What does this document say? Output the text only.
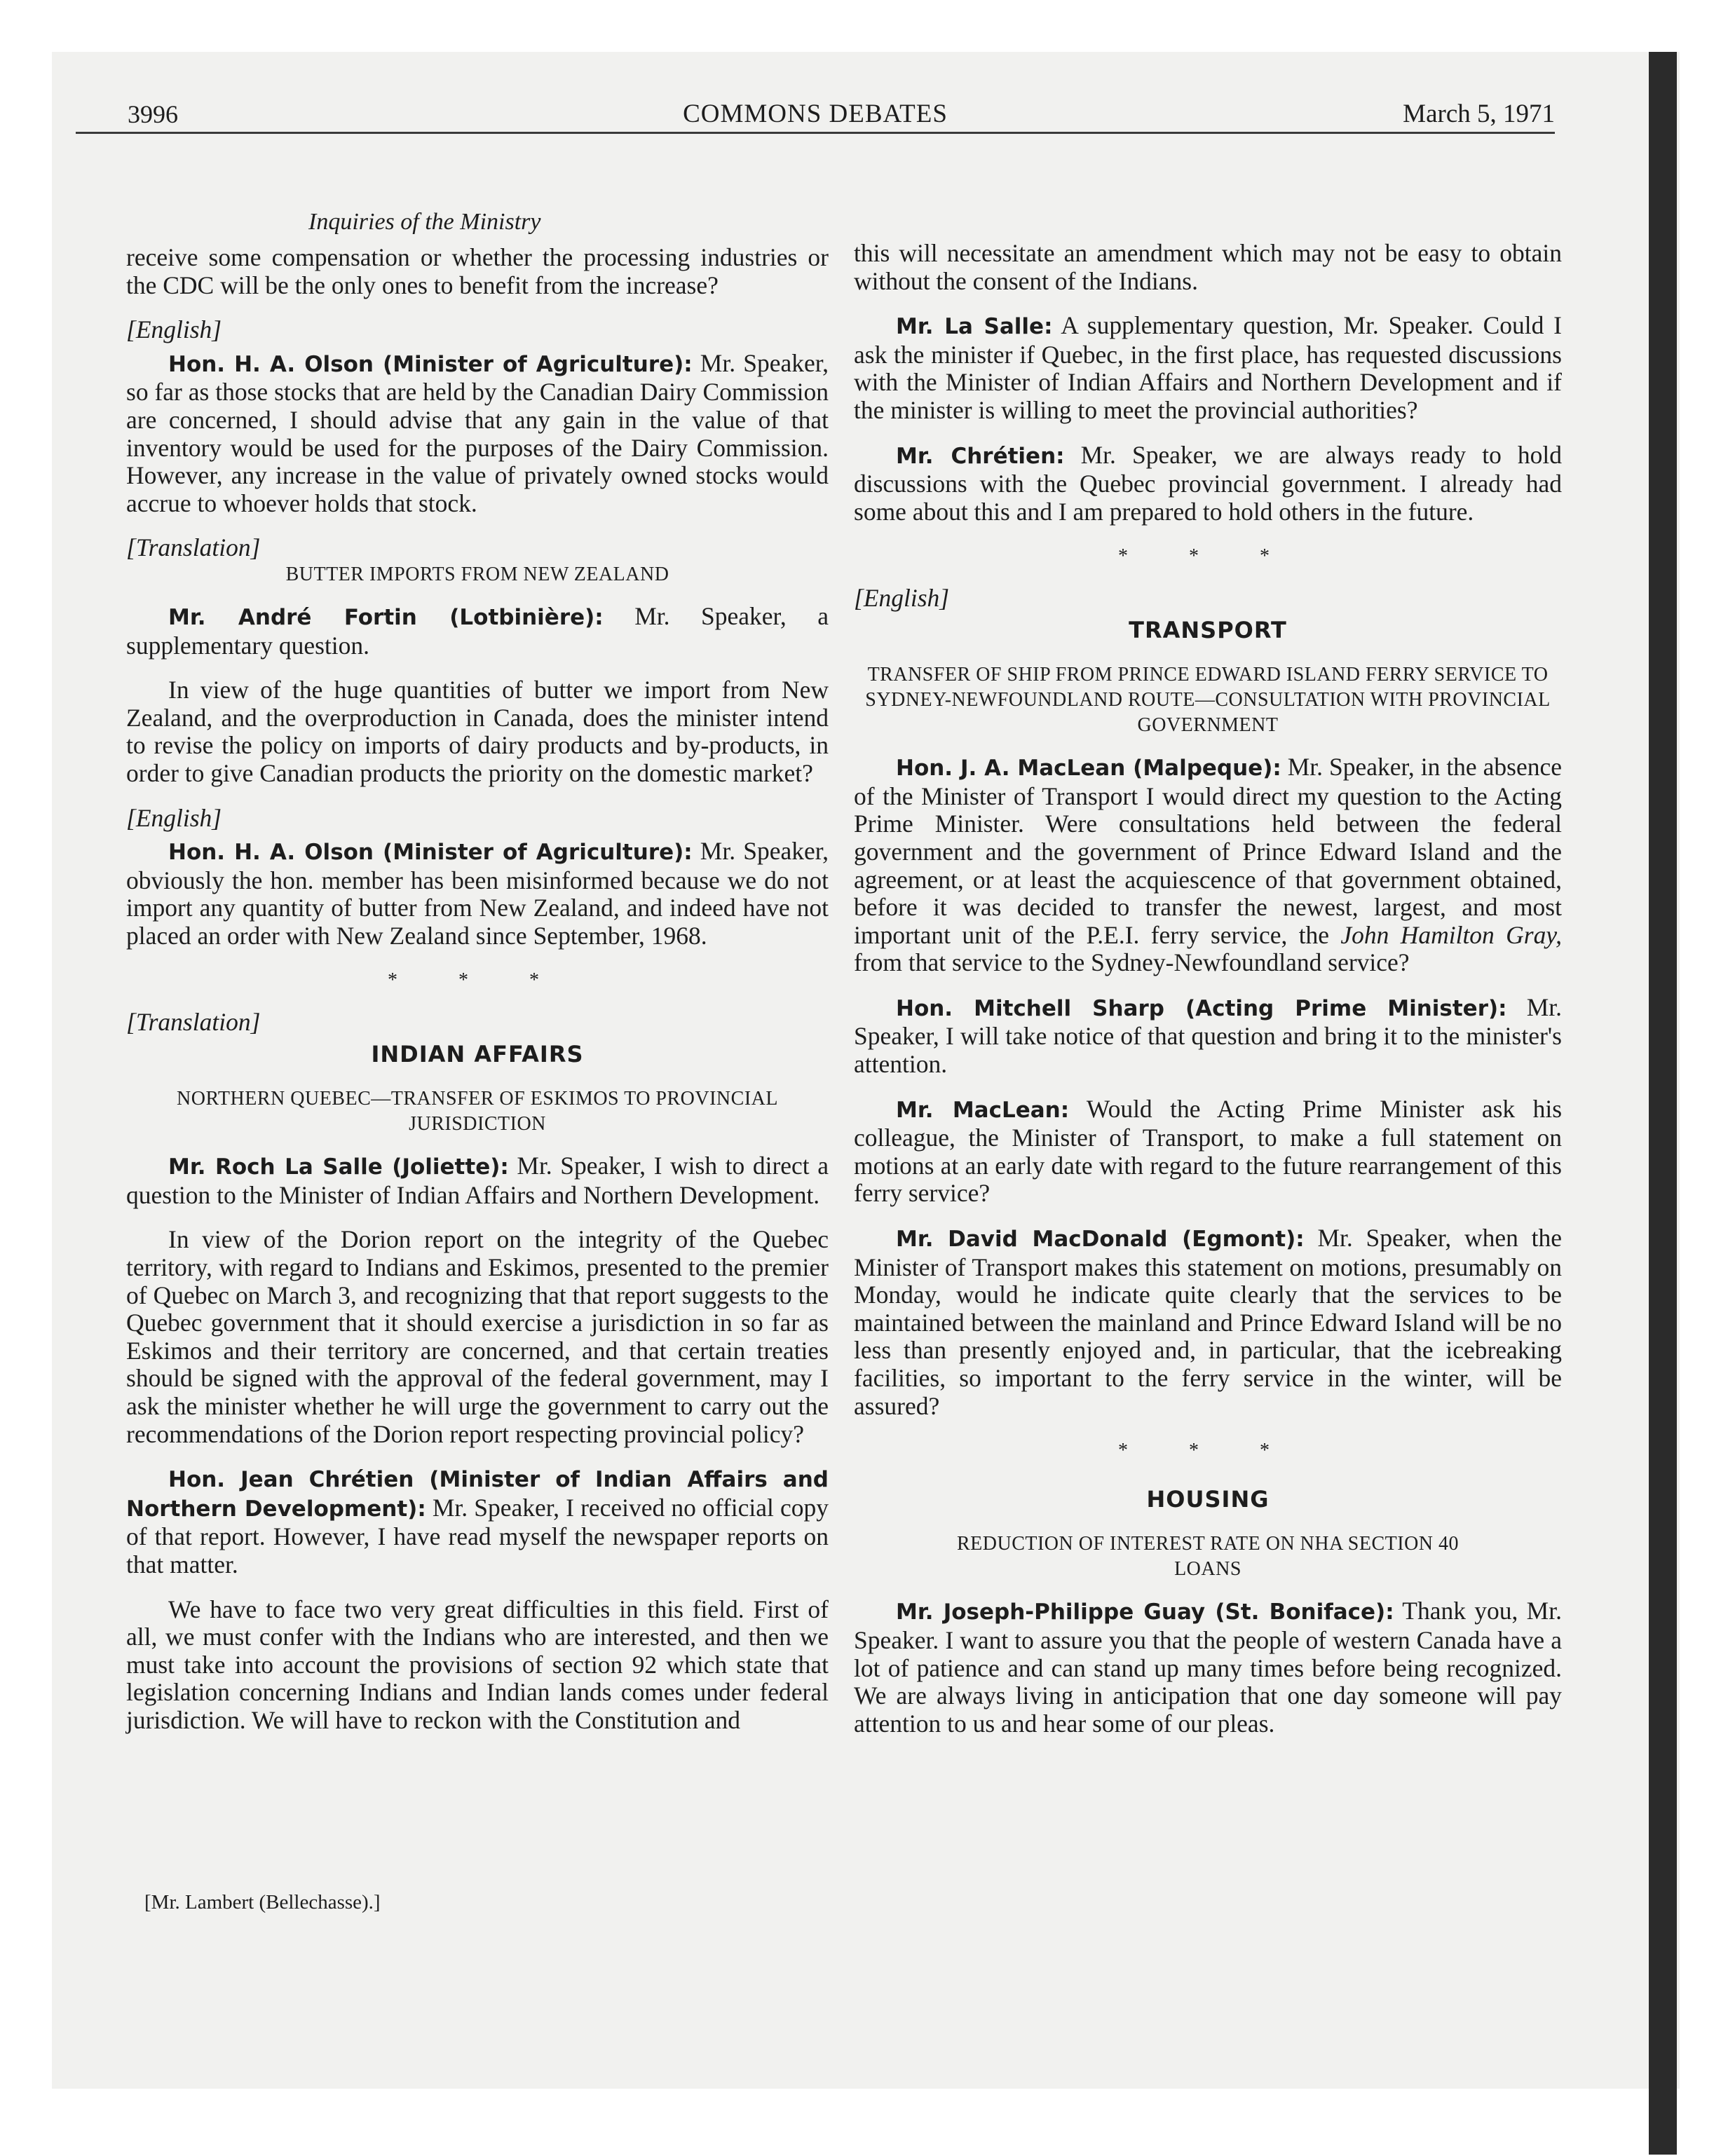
3996	COMMONS DEBATES	March 5, 1971
Inquiries of the Ministry

receive some compensation or whether the processing industries or the CDC will be the only ones to benefit from the increase?

[English]

Hon. H. A. Olson (Minister of Agriculture): Mr. Speaker, so far as those stocks that are held by the Canadian Dairy Commission are concerned, I should advise that any gain in the value of that inventory would be used for the purposes of the Dairy Commission. However, any increase in the value of privately owned stocks would accrue to whoever holds that stock.

[Translation]
BUTTER IMPORTS FROM NEW ZEALAND

Mr. André Fortin (Lotbinière): Mr. Speaker, a supplementary question.

In view of the huge quantities of butter we import from New Zealand, and the overproduction in Canada, does the minister intend to revise the policy on imports of dairy products and by-products, in order to give Canadian products the priority on the domestic market?

[English]

Hon. H. A. Olson (Minister of Agriculture): Mr. Speaker, obviously the hon. member has been misinformed because we do not import any quantity of butter from New Zealand, and indeed have not placed an order with New Zealand since September, 1968.

* * *
[Translation]
INDIAN AFFAIRS
NORTHERN QUEBEC—TRANSFER OF ESKIMOS TO PROVINCIAL JURISDICTION

Mr. Roch La Salle (Joliette): Mr. Speaker, I wish to direct a question to the Minister of Indian Affairs and Northern Development.

In view of the Dorion report on the integrity of the Quebec territory, with regard to Indians and Eskimos, presented to the premier of Quebec on March 3, and recognizing that that report suggests to the Quebec government that it should exercise a jurisdiction in so far as Eskimos and their territory are concerned, and that certain treaties should be signed with the approval of the federal government, may I ask the minister whether he will urge the government to carry out the recommendations of the Dorion report respecting provincial policy?

Hon. Jean Chrétien (Minister of Indian Affairs and Northern Development): Mr. Speaker, I received no official copy of that report. However, I have read myself the newspaper reports on that matter.

We have to face two very great difficulties in this field. First of all, we must confer with the Indians who are interested, and then we must take into account the provisions of section 92 which state that legislation concerning Indians and Indian lands comes under federal jurisdiction. We will have to reckon with the Constitution and

[Mr. Lambert (Bellechasse).]

this will necessitate an amendment which may not be easy to obtain without the consent of the Indians.

Mr. La Salle: A supplementary question, Mr. Speaker. Could I ask the minister if Quebec, in the first place, has requested discussions with the Minister of Indian Affairs and Northern Development and if the minister is willing to meet the provincial authorities?

Mr. Chrétien: Mr. Speaker, we are always ready to hold discussions with the Quebec provincial government. I already had some about this and I am prepared to hold others in the future.

* * *
[English]
TRANSPORT
TRANSFER OF SHIP FROM PRINCE EDWARD ISLAND FERRY SERVICE TO SYDNEY-NEWFOUNDLAND ROUTE—CONSULTATION WITH PROVINCIAL GOVERNMENT

Hon. J. A. MacLean (Malpeque): Mr. Speaker, in the absence of the Minister of Transport I would direct my question to the Acting Prime Minister. Were consultations held between the federal government and the government of Prince Edward Island and the agreement, or at least the acquiescence of that government obtained, before it was decided to transfer the newest, largest, and most important unit of the P.E.I. ferry service, the John Hamilton Gray, from that service to the Sydney-Newfoundland service?

Hon. Mitchell Sharp (Acting Prime Minister): Mr. Speaker, I will take notice of that question and bring it to the minister's attention.

Mr. MacLean: Would the Acting Prime Minister ask his colleague, the Minister of Transport, to make a full statement on motions at an early date with regard to the future rearrangement of this ferry service?

Mr. David MacDonald (Egmont): Mr. Speaker, when the Minister of Transport makes this statement on motions, presumably on Monday, would he indicate quite clearly that the services to be maintained between the mainland and Prince Edward Island will be no less than presently enjoyed and, in particular, that the icebreaking facilities, so important to the ferry service in the winter, will be assured?

* * *
HOUSING
REDUCTION OF INTEREST RATE ON NHA SECTION 40 LOANS

Mr. Joseph-Philippe Guay (St. Boniface): Thank you, Mr. Speaker. I want to assure you that the people of western Canada have a lot of patience and can stand up many times before being recognized. We are always living in anticipation that one day someone will pay attention to us and hear some of our pleas.
